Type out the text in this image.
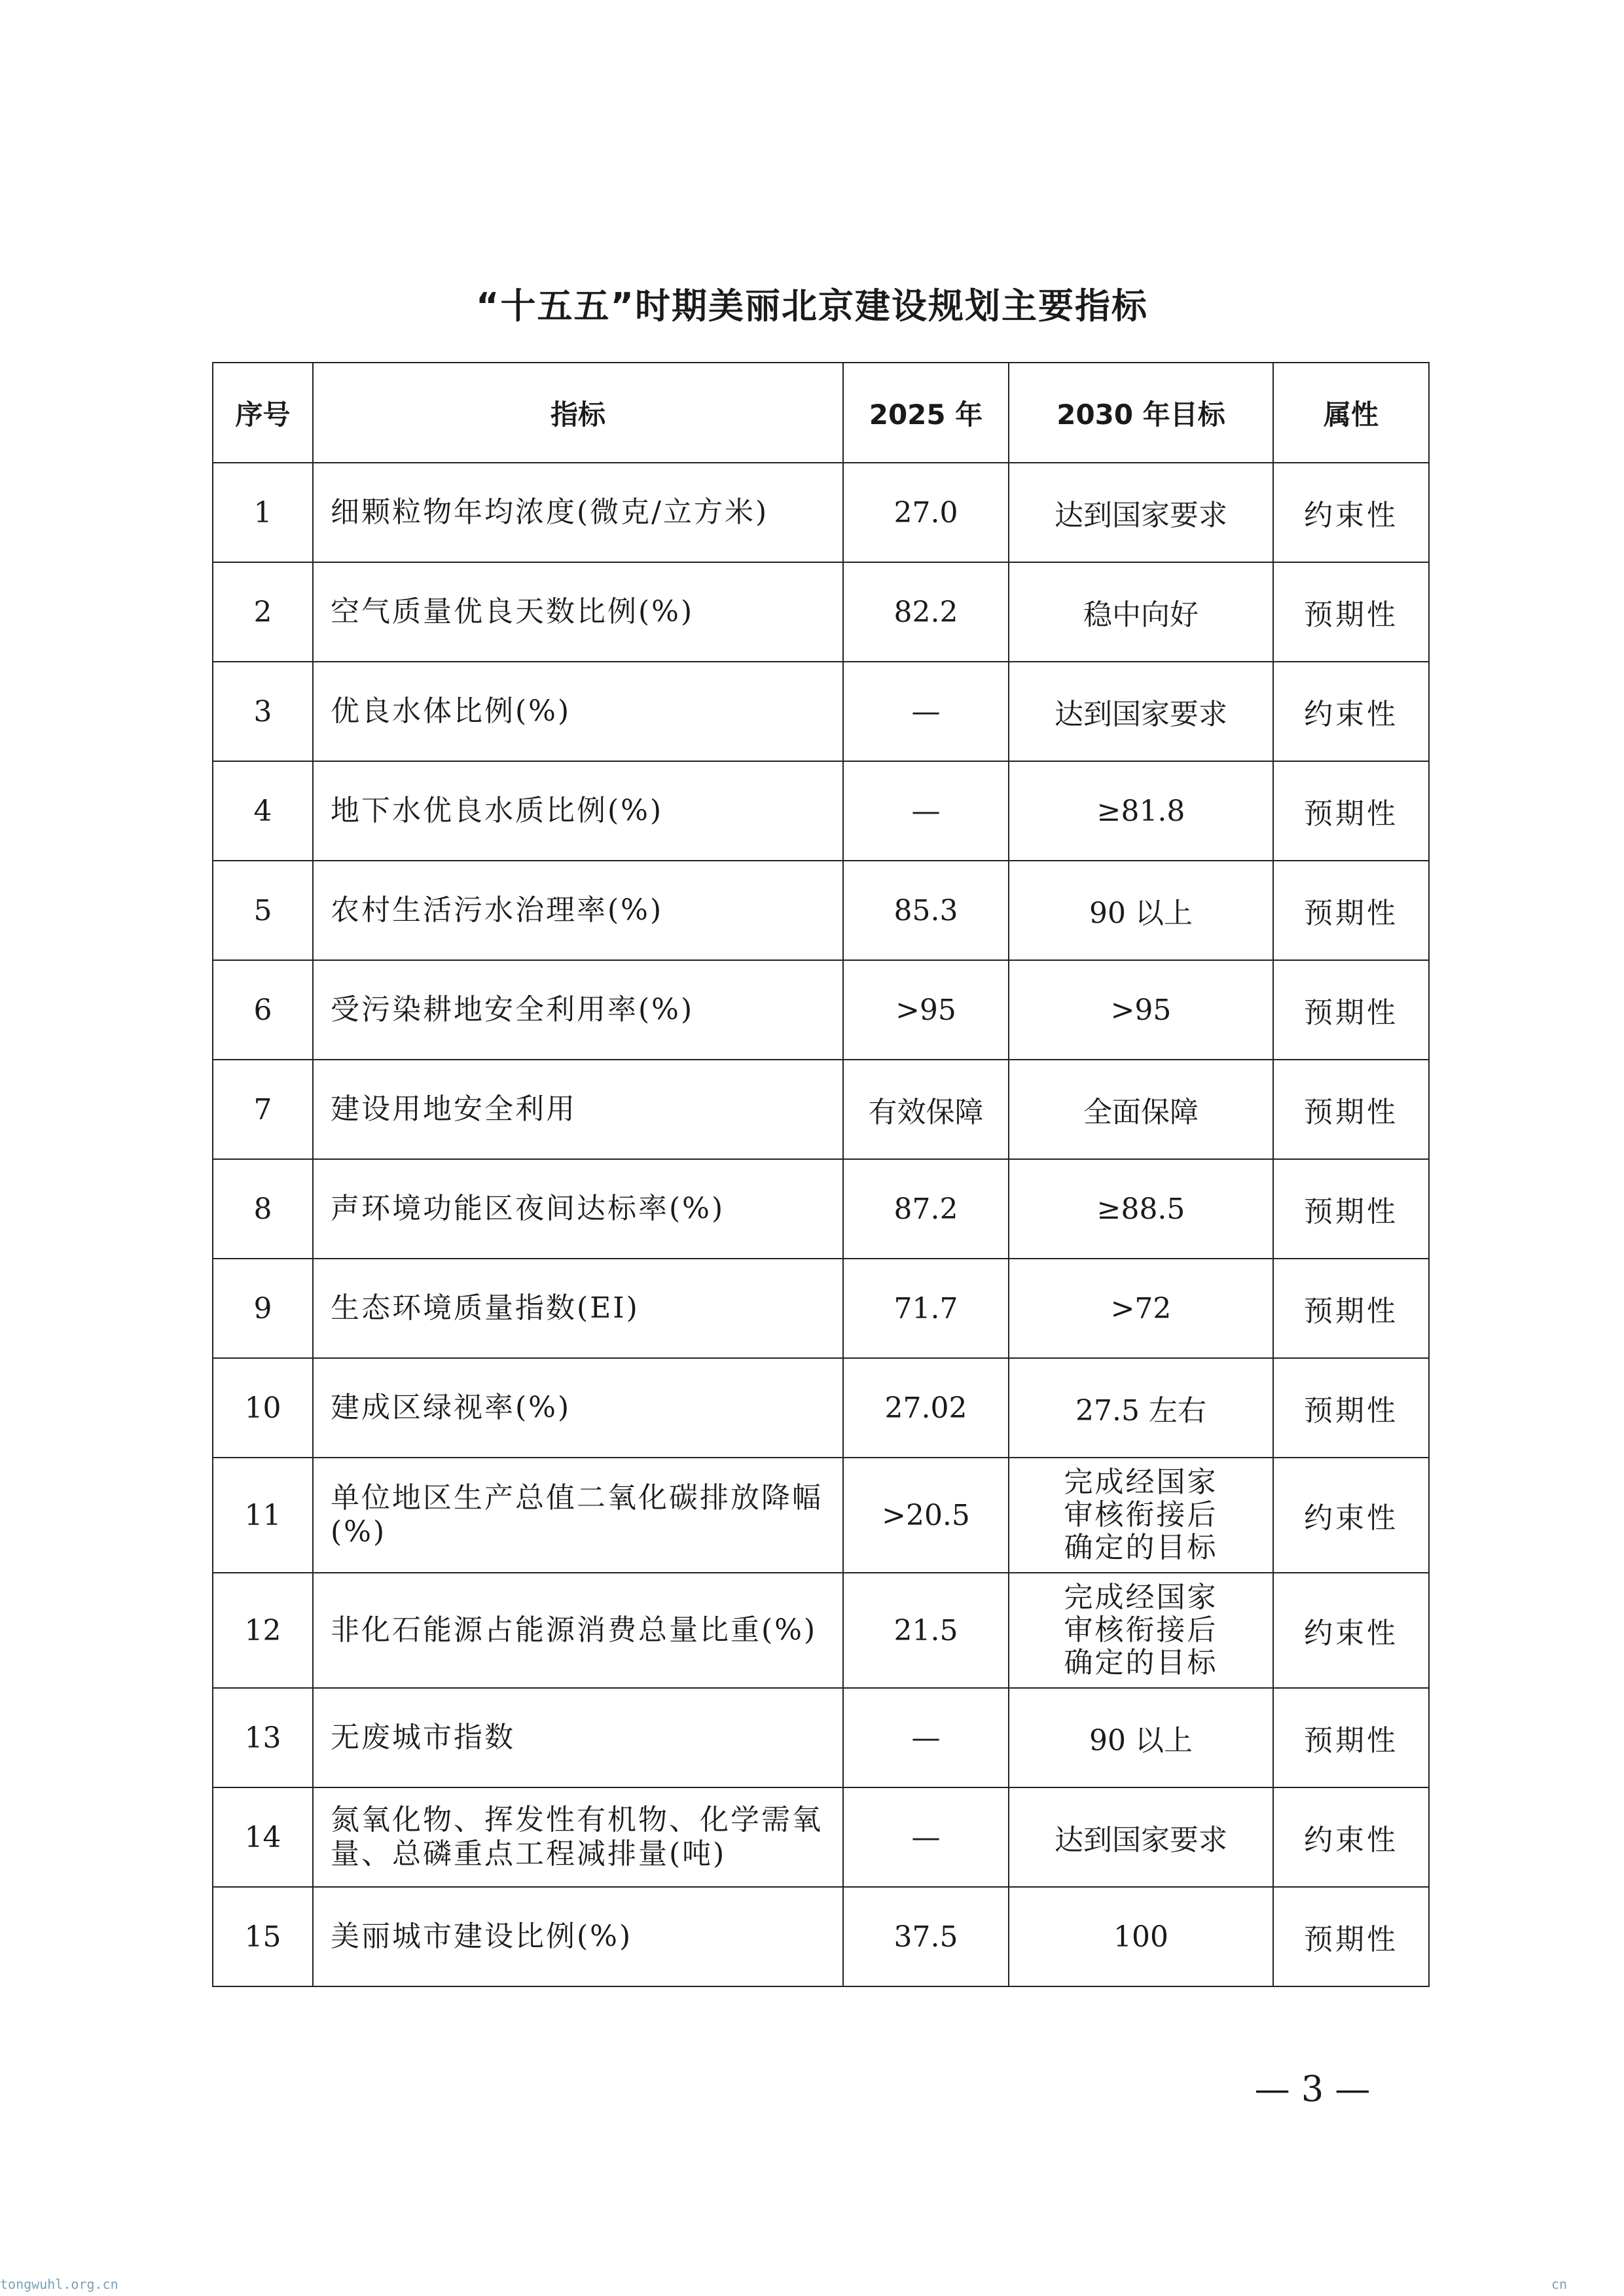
“十五五”时期美丽北京建设规划主要指标
序号	指标	2025 年	2030 年目标	属性
1	细颗粒物年均浓度(微克/立方米)	27.0	达到国家要求	约束性
2	空气质量优良天数比例(%)	82.2	稳中向好	预期性
3	优良水体比例(%)	—	达到国家要求	约束性
4	地下水优良水质比例(%)	—	≥81.8	预期性
5	农村生活污水治理率(%)	85.3	90 以上	预期性
6	受污染耕地安全利用率(%)	>95	>95	预期性
7	建设用地安全利用	有效保障	全面保障	预期性
8	声环境功能区夜间达标率(%)	87.2	≥88.5	预期性
9	生态环境质量指数(EI)	71.7	>72	预期性
10	建成区绿视率(%)	27.02	27.5 左右	预期性
11	单位地区生产总值二氧化碳排放降幅(%)	>20.5	完成经国家
审核衔接后
确定的目标	约束性
12	非化石能源占能源消费总量比重(%)	21.5	完成经国家
审核衔接后
确定的目标	约束性
13	无废城市指数	—	90 以上	预期性
14	氮氧化物、挥发性有机物、化学需氧量、总磷重点工程减排量(吨)	—	达到国家要求	约束性
15	美丽城市建设比例(%)	37.5	100	预期性
— 3 —
tongwuhl.org.cn	cn
